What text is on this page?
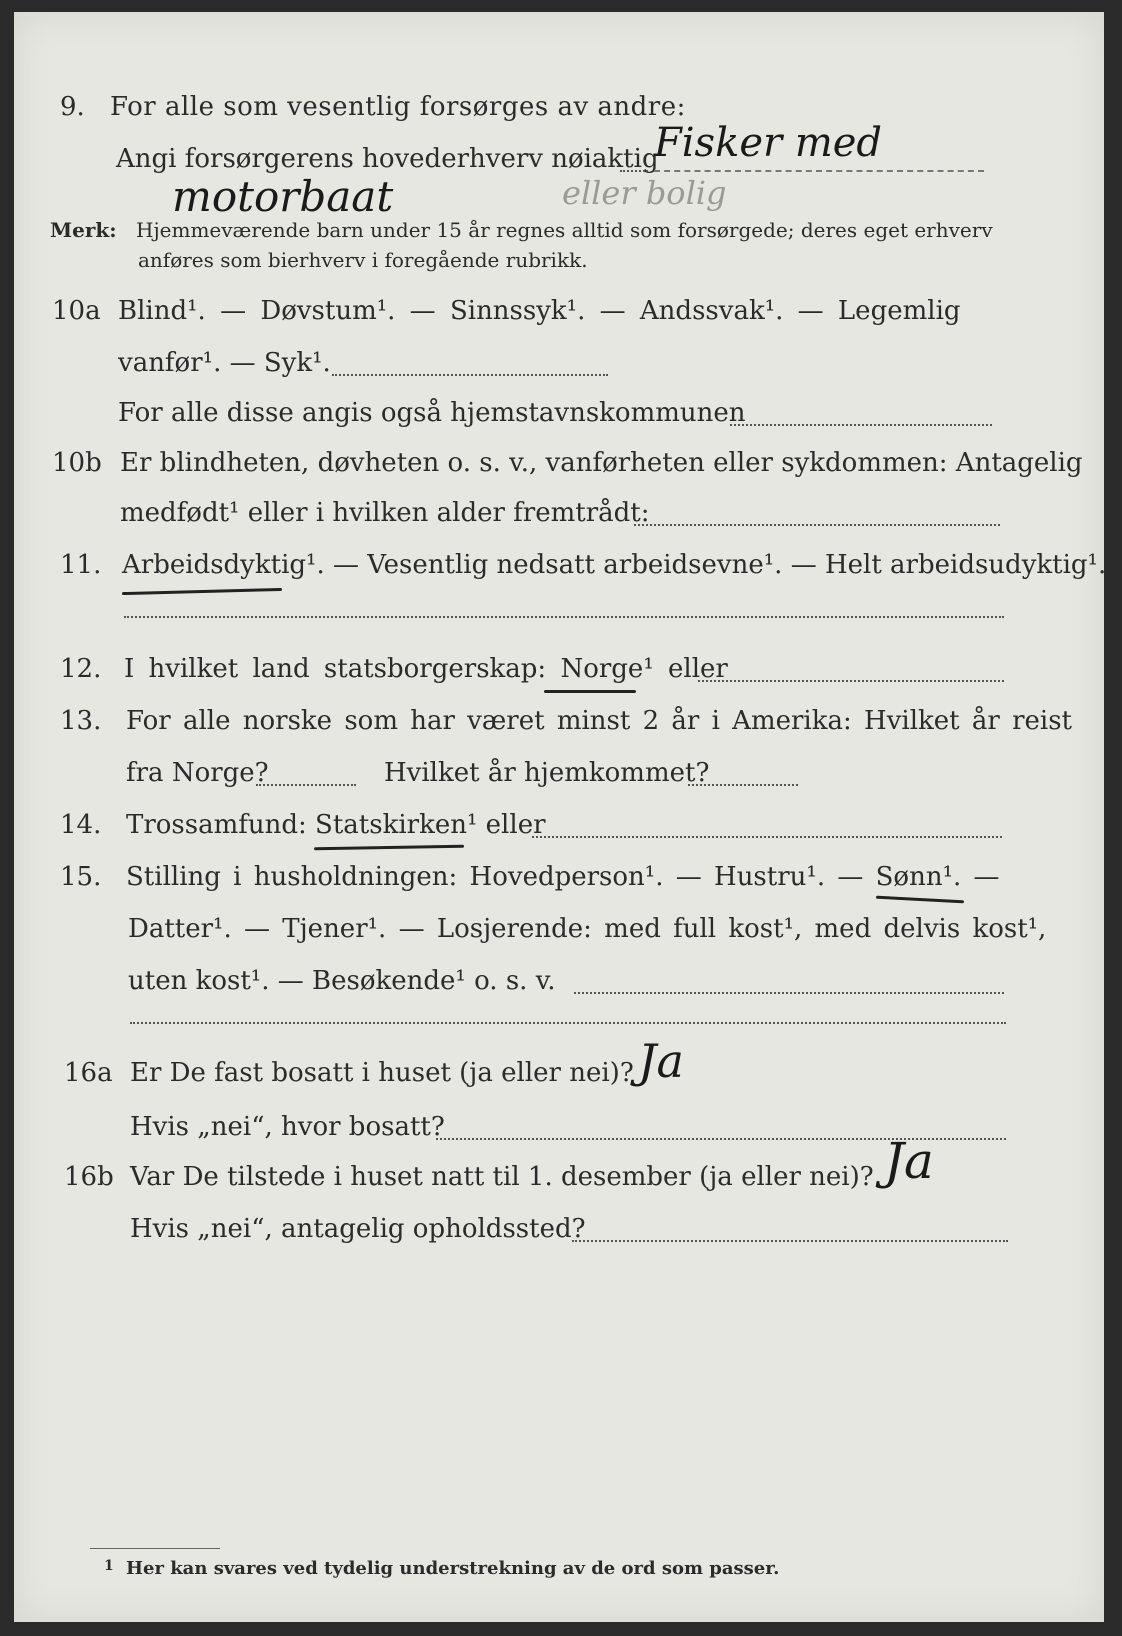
9. For alle som vesentlig forsørges av andre:
Angi forsørgerens hovederhverv nøiaktig
Fisker med
motorbaat	eller bolig
Merk: Hjemmeværende barn under 15 år regnes alltid som forsørgede; deres eget erhverv
anføres som bierhverv i foregående rubrikk.
10a Blind¹. — Døvstum¹. — Sinnssyk¹. — Andssvak¹. — Legemlig
vanfør¹. — Syk¹.
For alle disse angis også hjemstavnskommunen
10b Er blindheten, døvheten o. s. v., vanførheten eller sykdommen: Antagelig
medfødt¹ eller i hvilken alder fremtrådt:
11. Arbeidsdyktig¹. — Vesentlig nedsatt arbeidsevne¹. — Helt arbeidsudyktig¹.
12. I hvilket land statsborgerskap: Norge¹ eller
13. For alle norske som har været minst 2 år i Amerika: Hvilket år reist
fra Norge?	Hvilket år hjemkommet?
14. Trossamfund: Statskirken¹ eller
15. Stilling i husholdningen: Hovedperson¹. — Hustru¹. — Sønn¹. —
Datter¹. — Tjener¹. — Losjerende: med full kost¹, med delvis kost¹,
uten kost¹. — Besøkende¹ o. s. v.
16a Er De fast bosatt i huset (ja eller nei)? Ja
Hvis „nei“, hvor bosatt?
16b Var De tilstede i huset natt til 1. desember (ja eller nei)? Ja
Hvis „nei“, antagelig opholdssted?
1 Her kan svares ved tydelig understrekning av de ord som passer.
